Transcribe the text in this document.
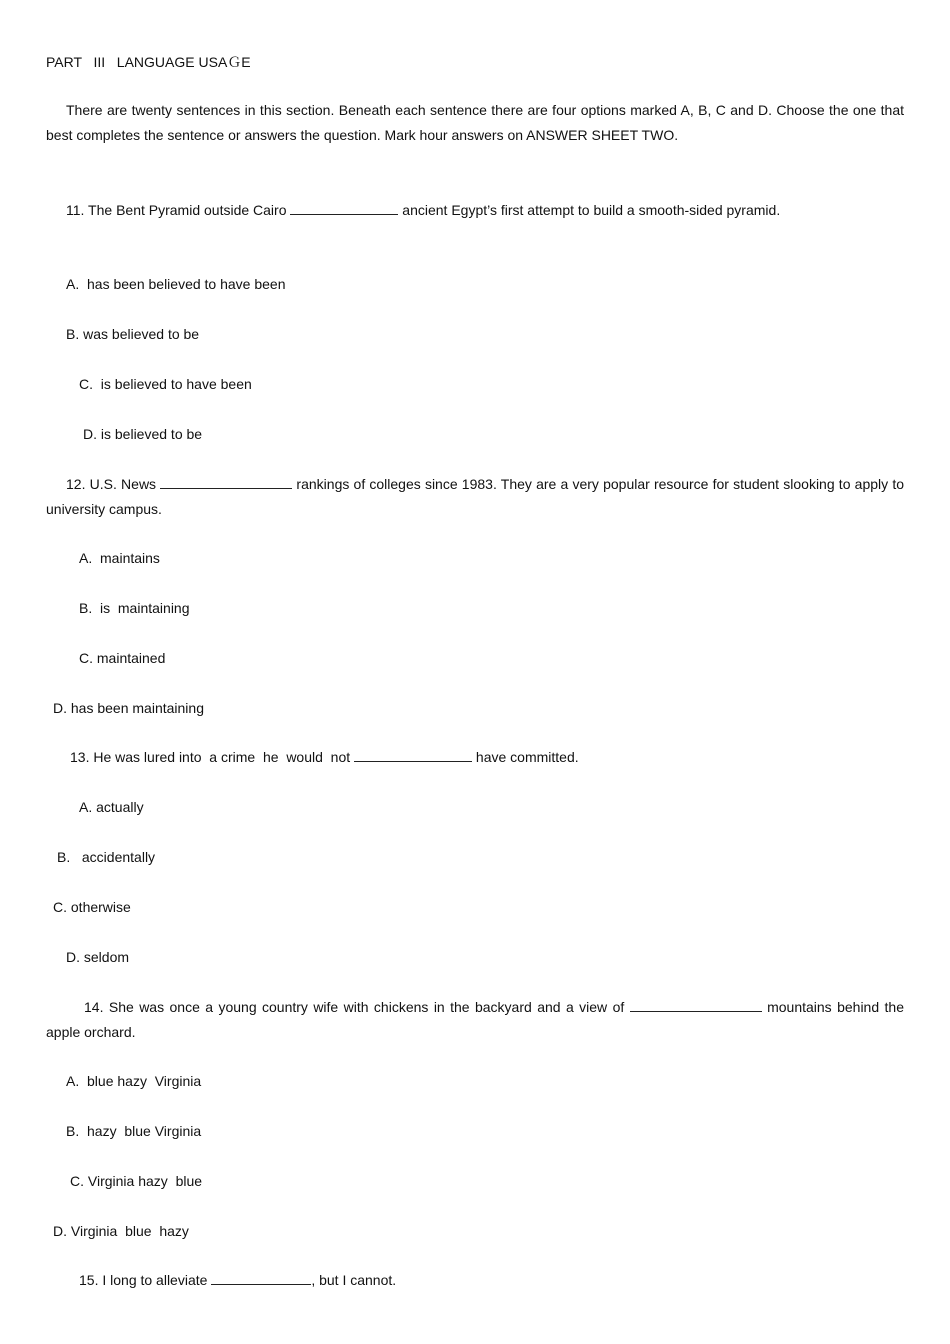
PART   III   LANGUAGE USAＧE
There are twenty sentences in this section. Beneath each sentence there are four options marked A, B, C and D. Choose the one that best completes the sentence or answers the question. Mark hour answers on ANSWER SHEET TWO.
11. The Bent Pyramid outside Cairo	ancient Egypt’s first attempt to build a smooth-sided pyramid.
A.  has been believed to have been
B. was believed to be
C.  is believed to have been
D. is believed to be
12. U.S. News	rankings of colleges since 1983. They are a very popular resource for student slooking to apply to university campus.
A.  maintains
B.  is  maintaining
C. maintained
D. has been maintaining
13. He was lured into  a crime  he  would  not	have committed.
A. actually
B.   accidentally
C. otherwise
D. seldom
14. She was once a young country wife with chickens in the backyard and a view of	mountains behind the apple orchard.
A.  blue hazy  Virginia
B.  hazy  blue Virginia
C. Virginia hazy  blue
D. Virginia  blue  hazy
15. I long to alleviate	, but I cannot.
